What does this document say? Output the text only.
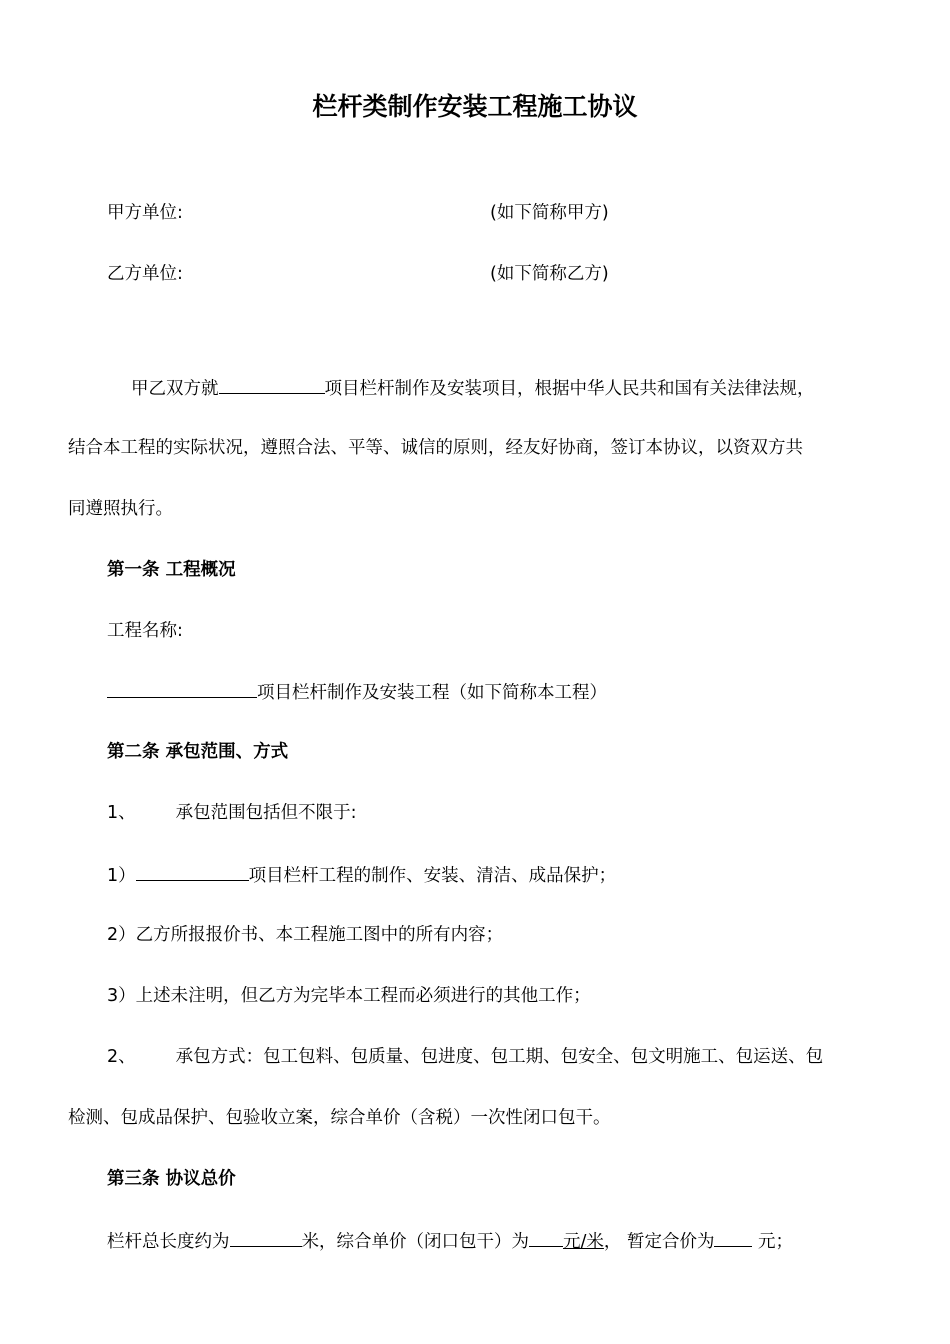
栏杆类制作安装工程施工协议
甲方单位:	(如下简称甲方)
乙方单位:	(如下简称乙方)
甲乙双方就	项目栏杆制作及安装项目，根据中华人民共和国有关法律法规，
结合本工程的实际状况，遵照合法、平等、诚信的原则，经友好协商，签订本协议，以资双方共
同遵照执行。
第一条 工程概况
工程名称:
项目栏杆制作及安装工程（如下简称本工程）
第二条 承包范围、方式
1、 承包范围包括但不限于:
1）	项目栏杆工程的制作、安装、清洁、成品保护；
2）乙方所报报价书、本工程施工图中的所有内容；
3）上述未注明，但乙方为完毕本工程而必须进行的其他工作；
2、 承包方式：包工包料、包质量、包进度、包工期、包安全、包文明施工、包运送、包
检测、包成品保护、包验收立案，综合单价（含税）一次性闭口包干。
第三条 协议总价
栏杆总长度约为	米，综合单价（闭口包干）为 元/米， 暂定合价为 元；
